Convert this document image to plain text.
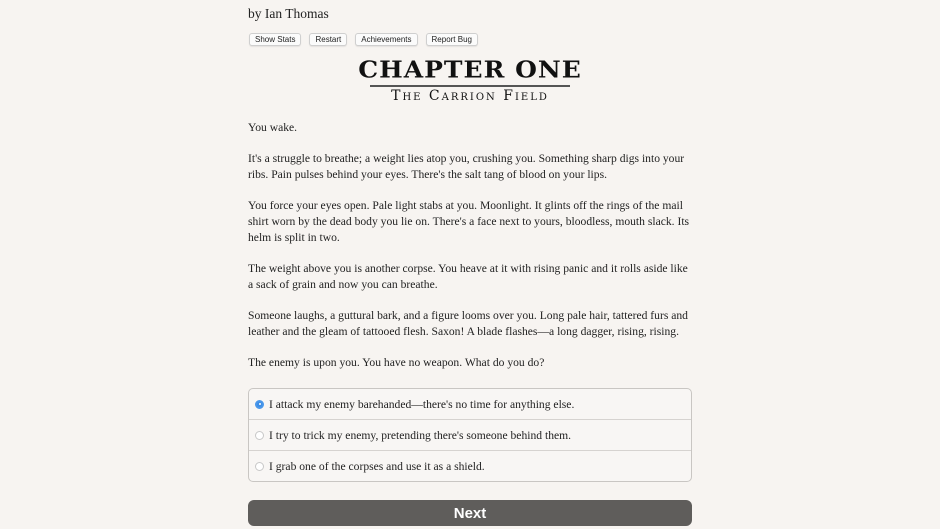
by Ian Thomas
Show Stats	Restart	Achievements	Report Bug
CHAPTER ONE
The Carrion Field

You wake.

It's a struggle to breathe; a weight lies atop you, crushing you. Something sharp digs into your ribs. Pain pulses behind your eyes. There's the salt tang of blood on your lips.

You force your eyes open. Pale light stabs at you. Moonlight. It glints off the rings of the mail shirt worn by the dead body you lie on. There's a face next to yours, bloodless, mouth slack. Its helm is split in two.

The weight above you is another corpse. You heave at it with rising panic and it rolls aside like a sack of grain and now you can breathe.

Someone laughs, a guttural bark, and a figure looms over you. Long pale hair, tattered furs and leather and the gleam of tattooed flesh. Saxon! A blade flashes—a long dagger, rising, rising.

The enemy is upon you. You have no weapon. What do you do?

I attack my enemy barehanded—there's no time for anything else.
I try to trick my enemy, pretending there's someone behind them.
I grab one of the corpses and use it as a shield.
Next
